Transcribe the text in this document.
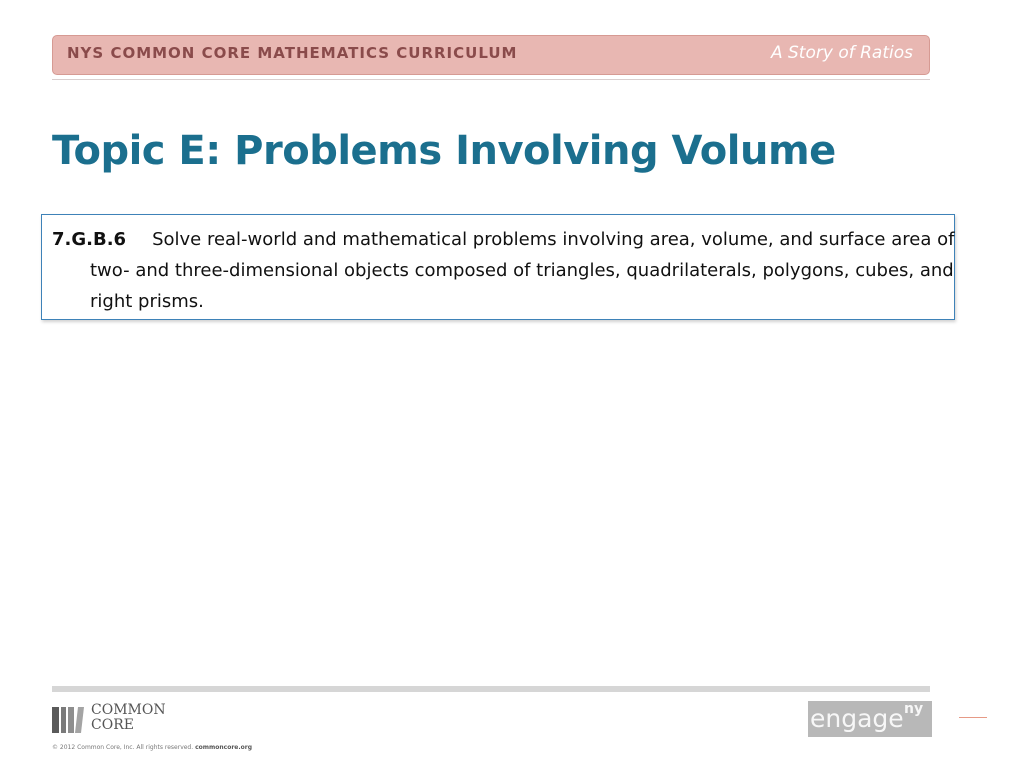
NYS COMMON CORE MATHEMATICS CURRICULUM	A Story of Ratios
Topic E: Problems Involving Volume
7.G.B.6 Solve real-world and mathematical problems involving area, volume, and surface area of two- and three-dimensional objects composed of triangles, quadrilaterals, polygons, cubes, and right prisms.
COMMON
CORE
© 2012 Common Core, Inc. All rights reserved. commoncore.org
engage ny
